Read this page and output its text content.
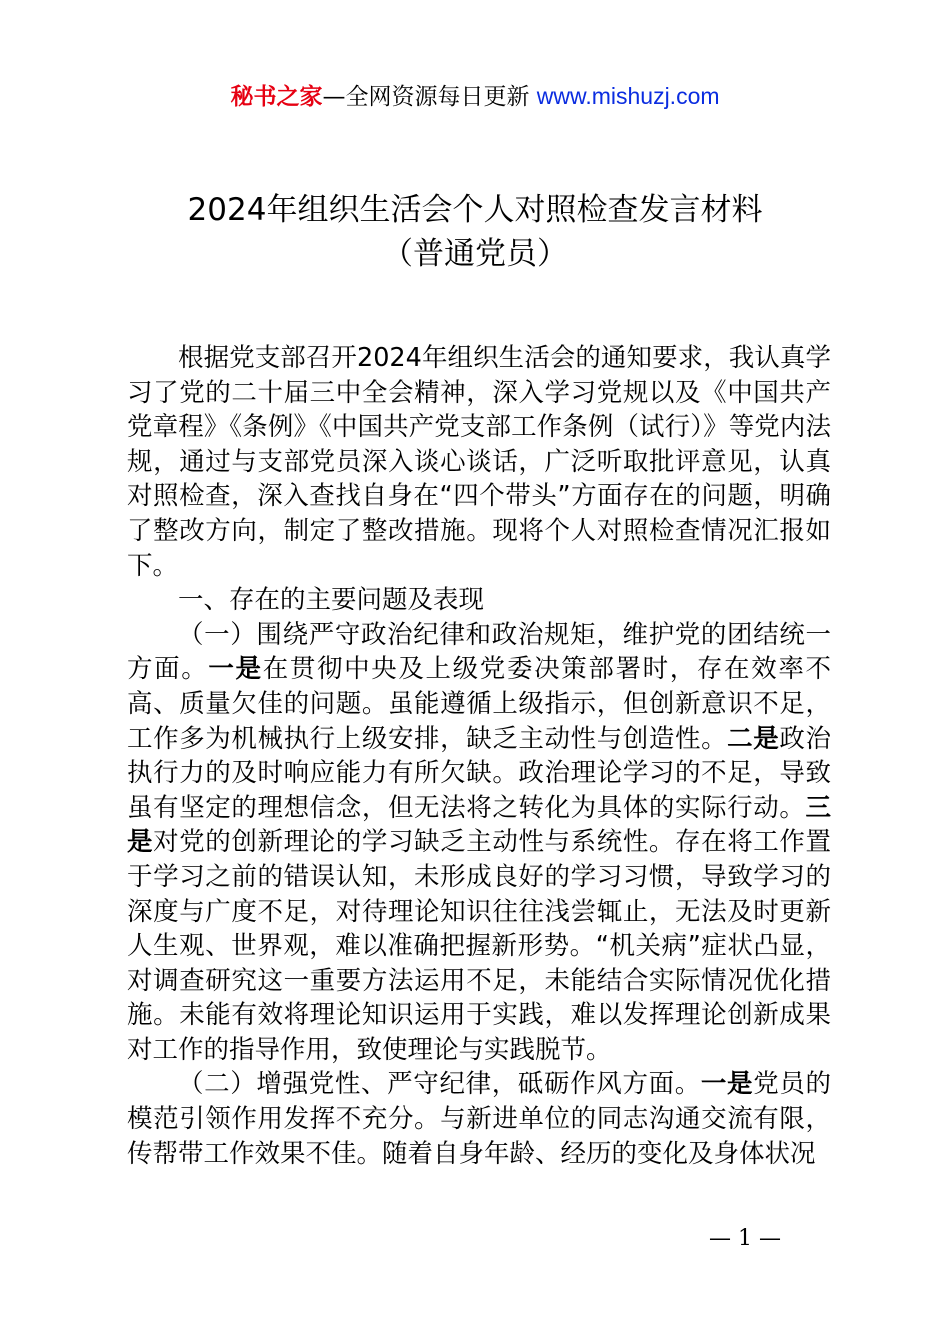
秘书之家—全网资源每日更新 www.mishuzj.com
2024年组织生活会个人对照检查发言材料
（普通党员）

根据党支部召开2024年组织生活会的通知要求，我认真学习了党的二十届三中全会精神，深入学习党规以及《中国共产党章程》《条例》《中国共产党支部工作条例（试行）》等党内法规，通过与支部党员深入谈心谈话，广泛听取批评意见，认真对照检查，深入查找自身在“四个带头”方面存在的问题，明确了整改方向，制定了整改措施。现将个人对照检查情况汇报如下。

一、存在的主要问题及表现

（一）围绕严守政治纪律和政治规矩，维护党的团结统一方面。一是在贯彻中央及上级党委决策部署时，存在效率不高、质量欠佳的问题。虽能遵循上级指示，但创新意识不足，工作多为机械执行上级安排，缺乏主动性与创造性。二是政治执行力的及时响应能力有所欠缺。政治理论学习的不足，导致虽有坚定的理想信念，但无法将之转化为具体的实际行动。三是对党的创新理论的学习缺乏主动性与系统性。存在将工作置于学习之前的错误认知，未形成良好的学习习惯，导致学习的深度与广度不足，对待理论知识往往浅尝辄止，无法及时更新人生观、世界观，难以准确把握新形势。“机关病”症状凸显，对调查研究这一重要方法运用不足，未能结合实际情况优化措施。未能有效将理论知识运用于实践，难以发挥理论创新成果对工作的指导作用，致使理论与实践脱节。

（二）增强党性、严守纪律，砥砺作风方面。一是党员的模范引领作用发挥不充分。与新进单位的同志沟通交流有限，传帮带工作效果不佳。随着自身年龄、经历的变化及身体状况

— 1 —
